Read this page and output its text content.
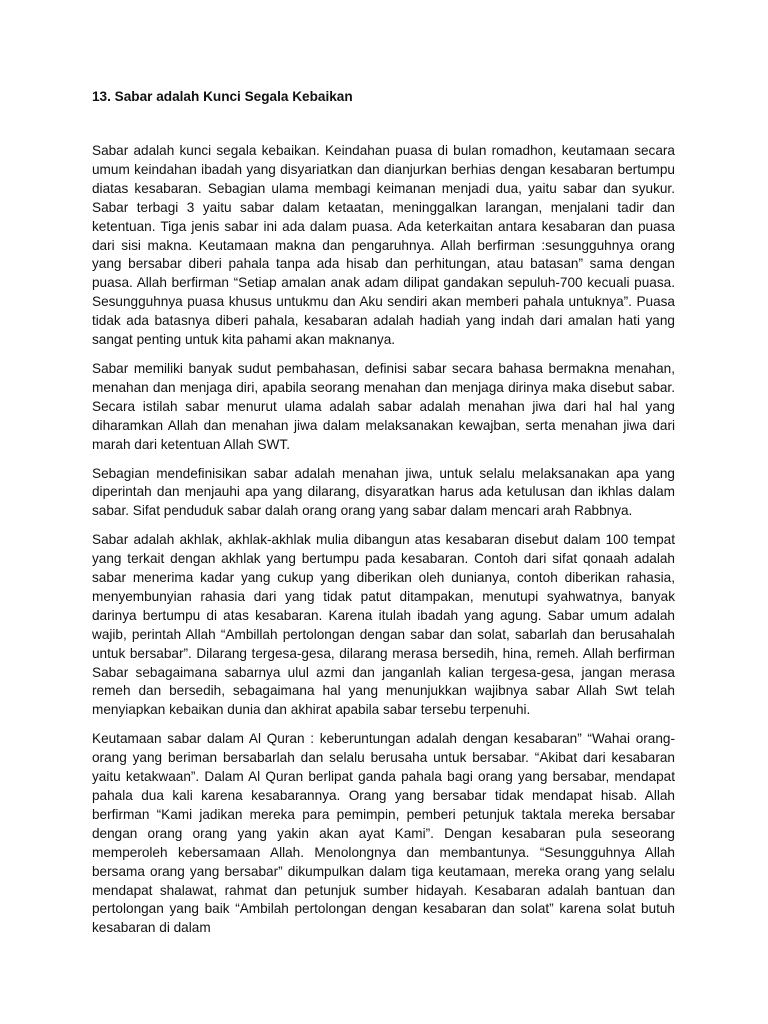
13. Sabar adalah Kunci Segala Kebaikan

Sabar adalah kunci segala kebaikan. Keindahan puasa di bulan romadhon, keutamaan secara umum keindahan ibadah yang disyariatkan dan dianjurkan berhias dengan kesabaran bertumpu diatas kesabaran. Sebagian ulama membagi keimanan menjadi dua, yaitu sabar dan syukur. Sabar terbagi 3 yaitu sabar dalam ketaatan, meninggalkan larangan, menjalani tadir dan ketentuan. Tiga jenis sabar ini ada dalam puasa. Ada keterkaitan antara kesabaran dan puasa dari sisi makna. Keutamaan makna dan pengaruhnya. Allah berfirman :sesungguhnya orang yang bersabar diberi pahala tanpa ada hisab dan perhitungan, atau batasan” sama dengan puasa. Allah berfirman “Setiap amalan anak adam dilipat gandakan sepuluh-700 kecuali puasa. Sesungguhnya puasa khusus untukmu dan Aku sendiri akan memberi pahala untuknya”. Puasa tidak ada batasnya diberi pahala, kesabaran adalah hadiah yang indah dari amalan hati yang sangat penting untuk kita pahami akan maknanya.

Sabar memiliki banyak sudut pembahasan, definisi sabar secara bahasa bermakna menahan, menahan dan menjaga diri, apabila seorang menahan dan menjaga dirinya maka disebut sabar. Secara istilah sabar menurut ulama adalah sabar adalah menahan jiwa dari hal hal yang diharamkan Allah dan menahan jiwa dalam melaksanakan kewajban, serta menahan jiwa dari marah dari ketentuan Allah SWT.

Sebagian mendefinisikan sabar adalah menahan jiwa, untuk selalu melaksanakan apa yang diperintah dan menjauhi apa yang dilarang, disyaratkan harus ada ketulusan dan ikhlas dalam sabar. Sifat penduduk sabar dalah orang orang yang sabar dalam mencari arah Rabbnya.

Sabar adalah akhlak, akhlak-akhlak mulia dibangun atas kesabaran disebut dalam 100 tempat yang terkait dengan akhlak yang bertumpu pada kesabaran. Contoh dari sifat qonaah adalah sabar menerima kadar yang cukup yang diberikan oleh dunianya, contoh diberikan rahasia, menyembunyian rahasia dari yang tidak patut ditampakan, menutupi syahwatnya, banyak darinya bertumpu di atas kesabaran. Karena itulah ibadah yang agung. Sabar umum adalah wajib, perintah Allah “Ambillah pertolongan dengan sabar dan solat, sabarlah dan berusahalah untuk bersabar”. Dilarang tergesa-gesa, dilarang merasa bersedih, hina, remeh. Allah berfirman Sabar sebagaimana sabarnya ulul azmi dan janganlah kalian tergesa-gesa, jangan merasa remeh dan bersedih, sebagaimana hal yang menunjukkan wajibnya sabar Allah Swt telah menyiapkan kebaikan dunia dan akhirat apabila sabar tersebu terpenuhi.

Keutamaan sabar dalam Al Quran : keberuntungan adalah dengan kesabaran” “Wahai orang-orang yang beriman bersabarlah dan selalu berusaha untuk bersabar. “Akibat dari kesabaran yaitu ketakwaan”. Dalam Al Quran berlipat ganda pahala bagi orang yang bersabar, mendapat pahala dua kali karena kesabarannya. Orang yang bersabar tidak mendapat hisab. Allah berfirman “Kami jadikan mereka para pemimpin, pemberi petunjuk taktala mereka bersabar dengan orang orang yang yakin akan ayat Kami”. Dengan kesabaran pula seseorang memperoleh kebersamaan Allah. Menolongnya dan membantunya. “Sesungguhnya Allah bersama orang yang bersabar” dikumpulkan dalam tiga keutamaan, mereka orang yang selalu mendapat shalawat, rahmat dan petunjuk sumber hidayah. Kesabaran adalah bantuan dan pertolongan yang baik “Ambilah pertolongan dengan kesabaran dan solat” karena solat butuh kesabaran di dalam
